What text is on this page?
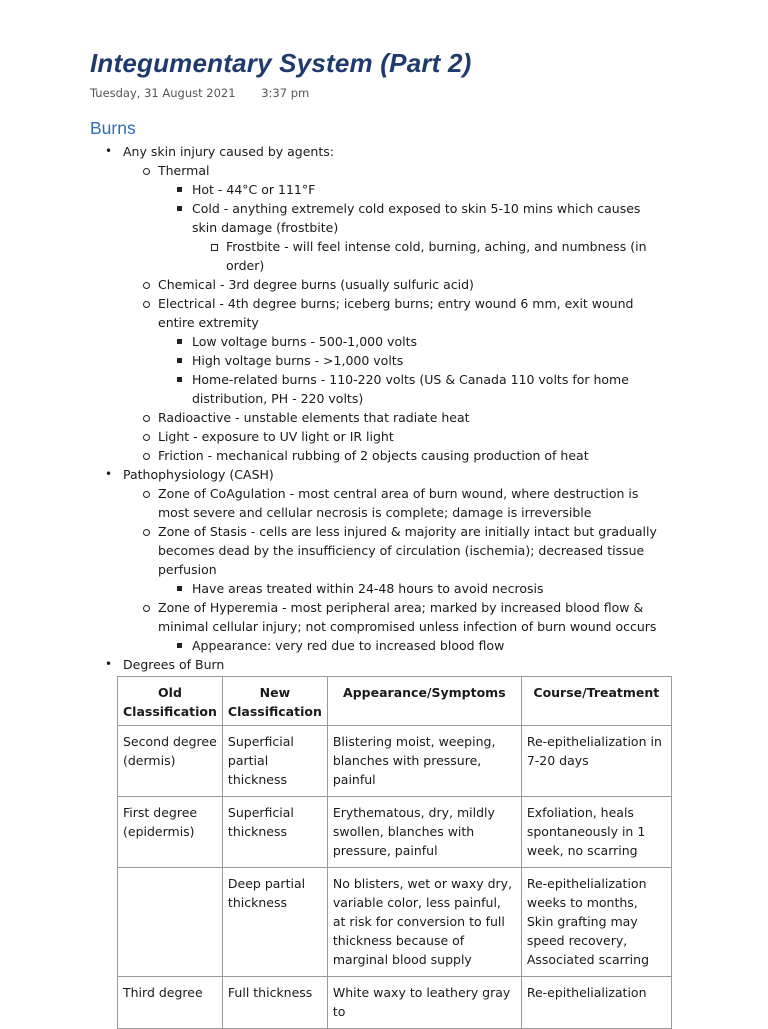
Integumentary System (Part 2)
Tuesday, 31 August 2021 3:37 pm
Burns
• Any skin injury caused by agents:
Thermal
Hot - 44°C or 111°F
Cold - anything extremely cold exposed to skin 5-10 mins which causes skin damage (frostbite)
Frostbite - will feel intense cold, burning, aching, and numbness (in order)
Chemical - 3rd degree burns (usually sulfuric acid)
Electrical - 4th degree burns; iceberg burns; entry wound 6 mm, exit wound entire extremity
Low voltage burns - 500-1,000 volts
High voltage burns - >1,000 volts
Home-related burns - 110-220 volts (US & Canada 110 volts for home distribution, PH - 220 volts)
Radioactive - unstable elements that radiate heat
Light - exposure to UV light or IR light
Friction - mechanical rubbing of 2 objects causing production of heat
• Pathophysiology (CASH)
Zone of CoAgulation - most central area of burn wound, where destruction is most severe and cellular necrosis is complete; damage is irreversible
Zone of Stasis - cells are less injured & majority are initially intact but gradually becomes dead by the insufficiency of circulation (ischemia); decreased tissue perfusion
Have areas treated within 24-48 hours to avoid necrosis
Zone of Hyperemia - most peripheral area; marked by increased blood flow & minimal cellular injury; not compromised unless infection of burn wound occurs
Appearance: very red due to increased blood flow
• Degrees of Burn
Old Classification	New Classification	Appearance/Symptoms	Course/Treatment
Second degree (dermis)	Superficial partial thickness	Blistering moist, weeping, blanches with pressure, painful	Re-epithelialization in 7-20 days
First degree (epidermis)	Superficial thickness	Erythematous, dry, mildly swollen, blanches with pressure, painful	Exfoliation, heals spontaneously in 1 week, no scarring
	Deep partial thickness	No blisters, wet or waxy dry, variable color, less painful, at risk for conversion to full thickness because of marginal blood supply	Re-epithelialization weeks to months, Skin grafting may speed recovery, Associated scarring
Third degree	Full thickness	White waxy to leathery gray to	Re-epithelialization
